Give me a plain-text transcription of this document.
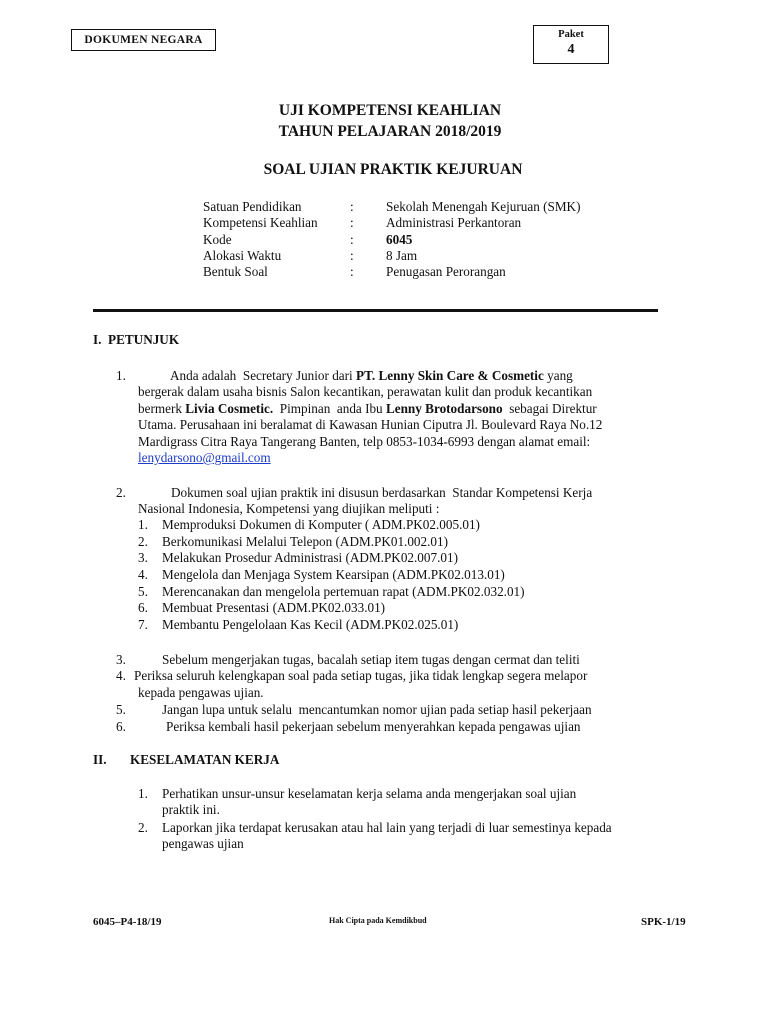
DOKUMEN NEGARA	Paket
4
UJI KOMPETENSI KEAHLIAN
TAHUN PELAJARAN 2018/2019
SOAL UJIAN PRAKTIK KEJURUAN
Satuan Pendidikan	: Sekolah Menengah Kejuruan (SMK)
Kompetensi Keahlian : Administrasi Perkantoran
Kode	: 6045
Alokasi Waktu	: 8 Jam
Bentuk Soal	: Penugasan Perorangan
I.  PETUNJUK
1.	Anda adalah  Secretary Junior dari PT. Lenny Skin Care & Cosmetic yang
bergerak dalam usaha bisnis Salon kecantikan, perawatan kulit dan produk kecantikan
bermerk Livia Cosmetic.  Pimpinan  anda Ibu Lenny Brotodarsono  sebagai Direktur
Utama. Perusahaan ini beralamat di Kawasan Hunian Ciputra Jl. Boulevard Raya No.12
Mardigrass Citra Raya Tangerang Banten, telp 0853-1034-6993 dengan alamat email:
lenydarsono@gmail.com
2.	Dokumen soal ujian praktik ini disusun berdasarkan  Standar Kompetensi Kerja
Nasional Indonesia, Kompetensi yang diujikan meliputi :
1. Memproduksi Dokumen di Komputer ( ADM.PK02.005.01)
2. Berkomunikasi Melalui Telepon (ADM.PK01.002.01)
3. Melakukan Prosedur Administrasi (ADM.PK02.007.01)
4. Mengelola dan Menjaga System Kearsipan (ADM.PK02.013.01)
5. Merencanakan dan mengelola pertemuan rapat (ADM.PK02.032.01)
6. Membuat Presentasi (ADM.PK02.033.01)
7. Membantu Pengelolaan Kas Kecil (ADM.PK02.025.01)
3.	Sebelum mengerjakan tugas, bacalah setiap item tugas dengan cermat dan teliti
4. Periksa seluruh kelengkapan soal pada setiap tugas, jika tidak lengkap segera melapor
kepada pengawas ujian.
5.	Jangan lupa untuk selalu  mencantumkan nomor ujian pada setiap hasil pekerjaan
6.	Periksa kembali hasil pekerjaan sebelum menyerahkan kepada pengawas ujian
II. KESELAMATAN KERJA
1. Perhatikan unsur-unsur keselamatan kerja selama anda mengerjakan soal ujian
praktik ini.
2. Laporkan jika terdapat kerusakan atau hal lain yang terjadi di luar semestinya kepada
pengawas ujian
6045–P4-18/19	Hak Cipta pada Kemdikbud	SPK-1/19
